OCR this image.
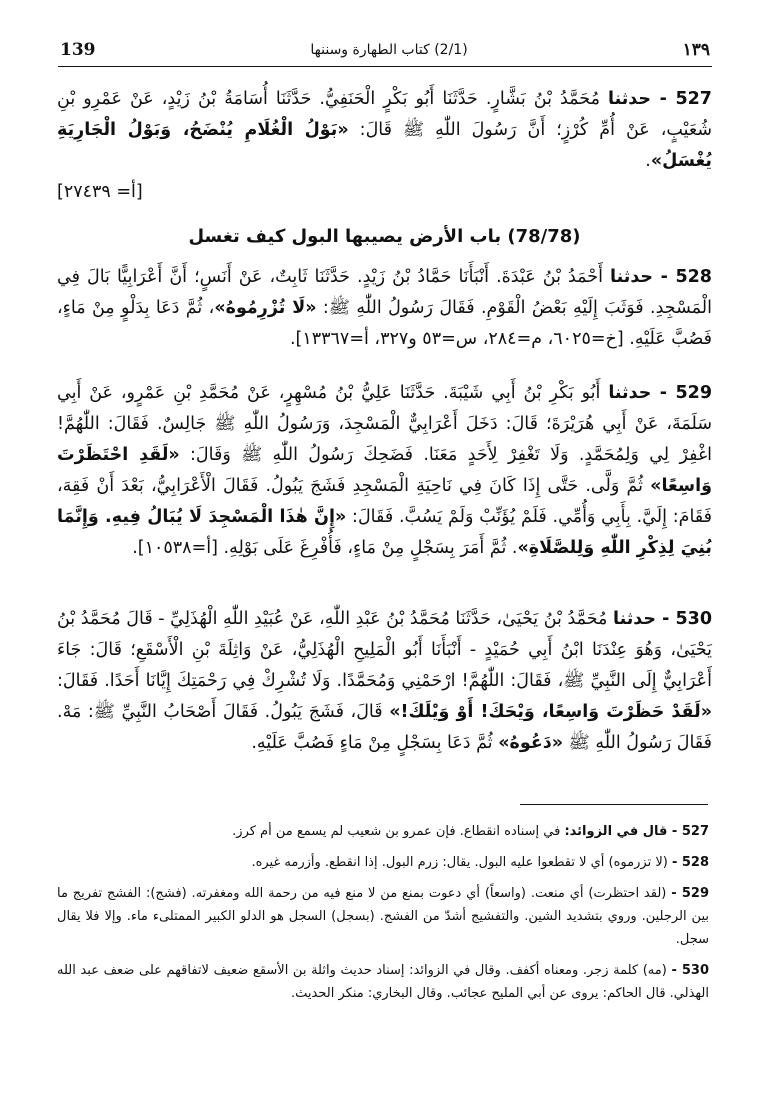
139	(2/1) كتاب الطهارة وسننها	١٣٩
527 - حدثنا مُحَمَّدُ بْنُ بَشَّارٍ. حَدَّثَنَا أَبُو بَكْرٍ الْحَنَفِيُّ. حَدَّثَنَا أُسَامَةُ بْنُ زَيْدٍ، عَنْ عَمْرِو بْنِ شُعَيْبٍ، عَنْ أُمِّ كُرْزٍ؛ أَنَّ رَسُولَ اللّٰهِ ﷺ قَالَ: «بَوْلُ الْغُلَامِ يُنْضَحُ، وَبَوْلُ الْجَارِيَةِ يُغْسَلُ».
[أ= ٢٧٤٣٩]
(78/78) باب الأرض يصيبها البول كيف تغسل
528 - حدثنا أَحْمَدُ بْنُ عَبْدَةَ. أَنْبَأَنَا حَمَّادُ بْنُ زَيْدٍ. حَدَّثَنَا ثَابِتٌ، عَنْ أَنَسٍ؛ أَنَّ أَعْرَابِيًّا بَالَ فِي الْمَسْجِدِ. فَوَثَبَ إِلَيْهِ بَعْضُ الْقَوْمِ. فَقَالَ رَسُولُ اللّٰهِ ﷺ: «لَا تُزْرِمُوهُ»، ثُمَّ دَعَا بِدَلْوٍ مِنْ مَاءٍ، فَصُبَّ عَلَيْهِ. [خ=٦٠٢٥، م=٢٨٤، س=٥٣ و٣٢٧، أ=١٣٣٦٧].
529 - حدثنا أَبُو بَكْرِ بْنُ أَبِي شَيْبَةَ. حَدَّثَنَا عَلِيُّ بْنُ مُسْهِرٍ، عَنْ مُحَمَّدِ بْنِ عَمْرٍو، عَنْ أَبِي سَلَمَةَ، عَنْ أَبِي هُرَيْرَةَ؛ قَالَ: دَخَلَ أَعْرَابِيٌّ الْمَسْجِدَ، وَرَسُولُ اللّٰهِ ﷺ جَالِسٌ. فَقَالَ: اللّٰهُمَّ! اغْفِرْ لِي وَلِمُحَمَّدٍ. وَلَا تَغْفِرْ لِأَحَدٍ مَعَنَا. فَضَحِكَ رَسُولُ اللّٰهِ ﷺ وَقَالَ: «لَقَدِ احْتَظَرْتَ وَاسِعًا» ثُمَّ وَلَّى. حَتَّى إِذَا كَانَ فِي نَاحِيَةِ الْمَسْجِدِ فَشَجَ يَبُولُ. فَقَالَ الْأَعْرَابِيُّ، بَعْدَ أَنْ فَقِهَ، فَقَامَ: إِلَيَّ. بِأَبِي وَأُمِّي. فَلَمْ يُؤَنِّبْ وَلَمْ يَسُبَّ. فَقَالَ: «إِنَّ هٰذَا الْمَسْجِدَ لَا يُبَالُ فِيهِ. وَإِنَّمَا بُنِيَ لِذِكْرِ اللّٰهِ وَلِلصَّلَاةِ». ثُمَّ أَمَرَ بِسَجْلٍ مِنْ مَاءٍ، فَأُفْرِغَ عَلَى بَوْلِهِ. [أ=١٠٥٣٨].
530 - حدثنا مُحَمَّدُ بْنُ يَحْيَىٰ، حَدَّثَنَا مُحَمَّدُ بْنُ عَبْدِ اللّٰهِ، عَنْ عُبَيْدِ اللّٰهِ الْهُذَلِيِّ - قَالَ مُحَمَّدُ بْنُ يَحْيَىٰ، وَهُوَ عِنْدَنَا ابْنُ أَبِي حُمَيْدٍ - أَنْبَأَنَا أَبُو الْمَلِيحِ الْهُذَلِيُّ، عَنْ وَاثِلَةَ بْنِ الْأَسْقَعِ؛ قَالَ: جَاءَ أَعْرَابِيٌّ إِلَى النَّبِيِّ ﷺ، فَقَالَ: اللّٰهُمَّ! ارْحَمْنِي وَمُحَمَّدًا. وَلَا تُشْرِكْ فِي رَحْمَتِكَ إِيَّانَا أَحَدًا. فَقَالَ: «لَقَدْ حَظَرْتَ وَاسِعًا، وَيْحَكَ! أَوْ وَيْلَكَ!» قَالَ، فَشَجَ يَبُولُ. فَقَالَ أَصْحَابُ النَّبِيِّ ﷺ: مَهْ. فَقَالَ رَسُولُ اللّٰهِ ﷺ «دَعُوهُ» ثُمَّ دَعَا بِسَجْلٍ مِنْ مَاءٍ فَصُبَّ عَلَيْهِ.

527 - قال في الزوائد: في إسناده انقطاع. فإن عمرو بن شعيب لم يسمع من أم كرز.

528 - (لا تزرموه) أي لا تقطعوا عليه البول. يقال: زرم البول. إذا انقطع. وأزرمه غيره.

529 - (لقد احتظرت) أي منعت. (واسعاً) أي دعوت بمنع من لا منع فيه من رحمة الله ومغفرته. (فشج): الفشج تفريج ما بين الرجلين. وروي بتشديد الشين. والتفشيج أشدّ من الفشج. (بسجل) السجل هو الدلو الكبير الممتلىء ماء. وإلا فلا يقال سجل.

530 - (مه) كلمة زجر. ومعناه أكفف. وقال في الزوائد: إسناد حديث واثلة بن الأسقع ضعيف لاتفاقهم على ضعف عبد الله الهذلي. قال الحاكم: يروى عن أبي المليح عجائب. وقال البخاري: منكر الحديث.
